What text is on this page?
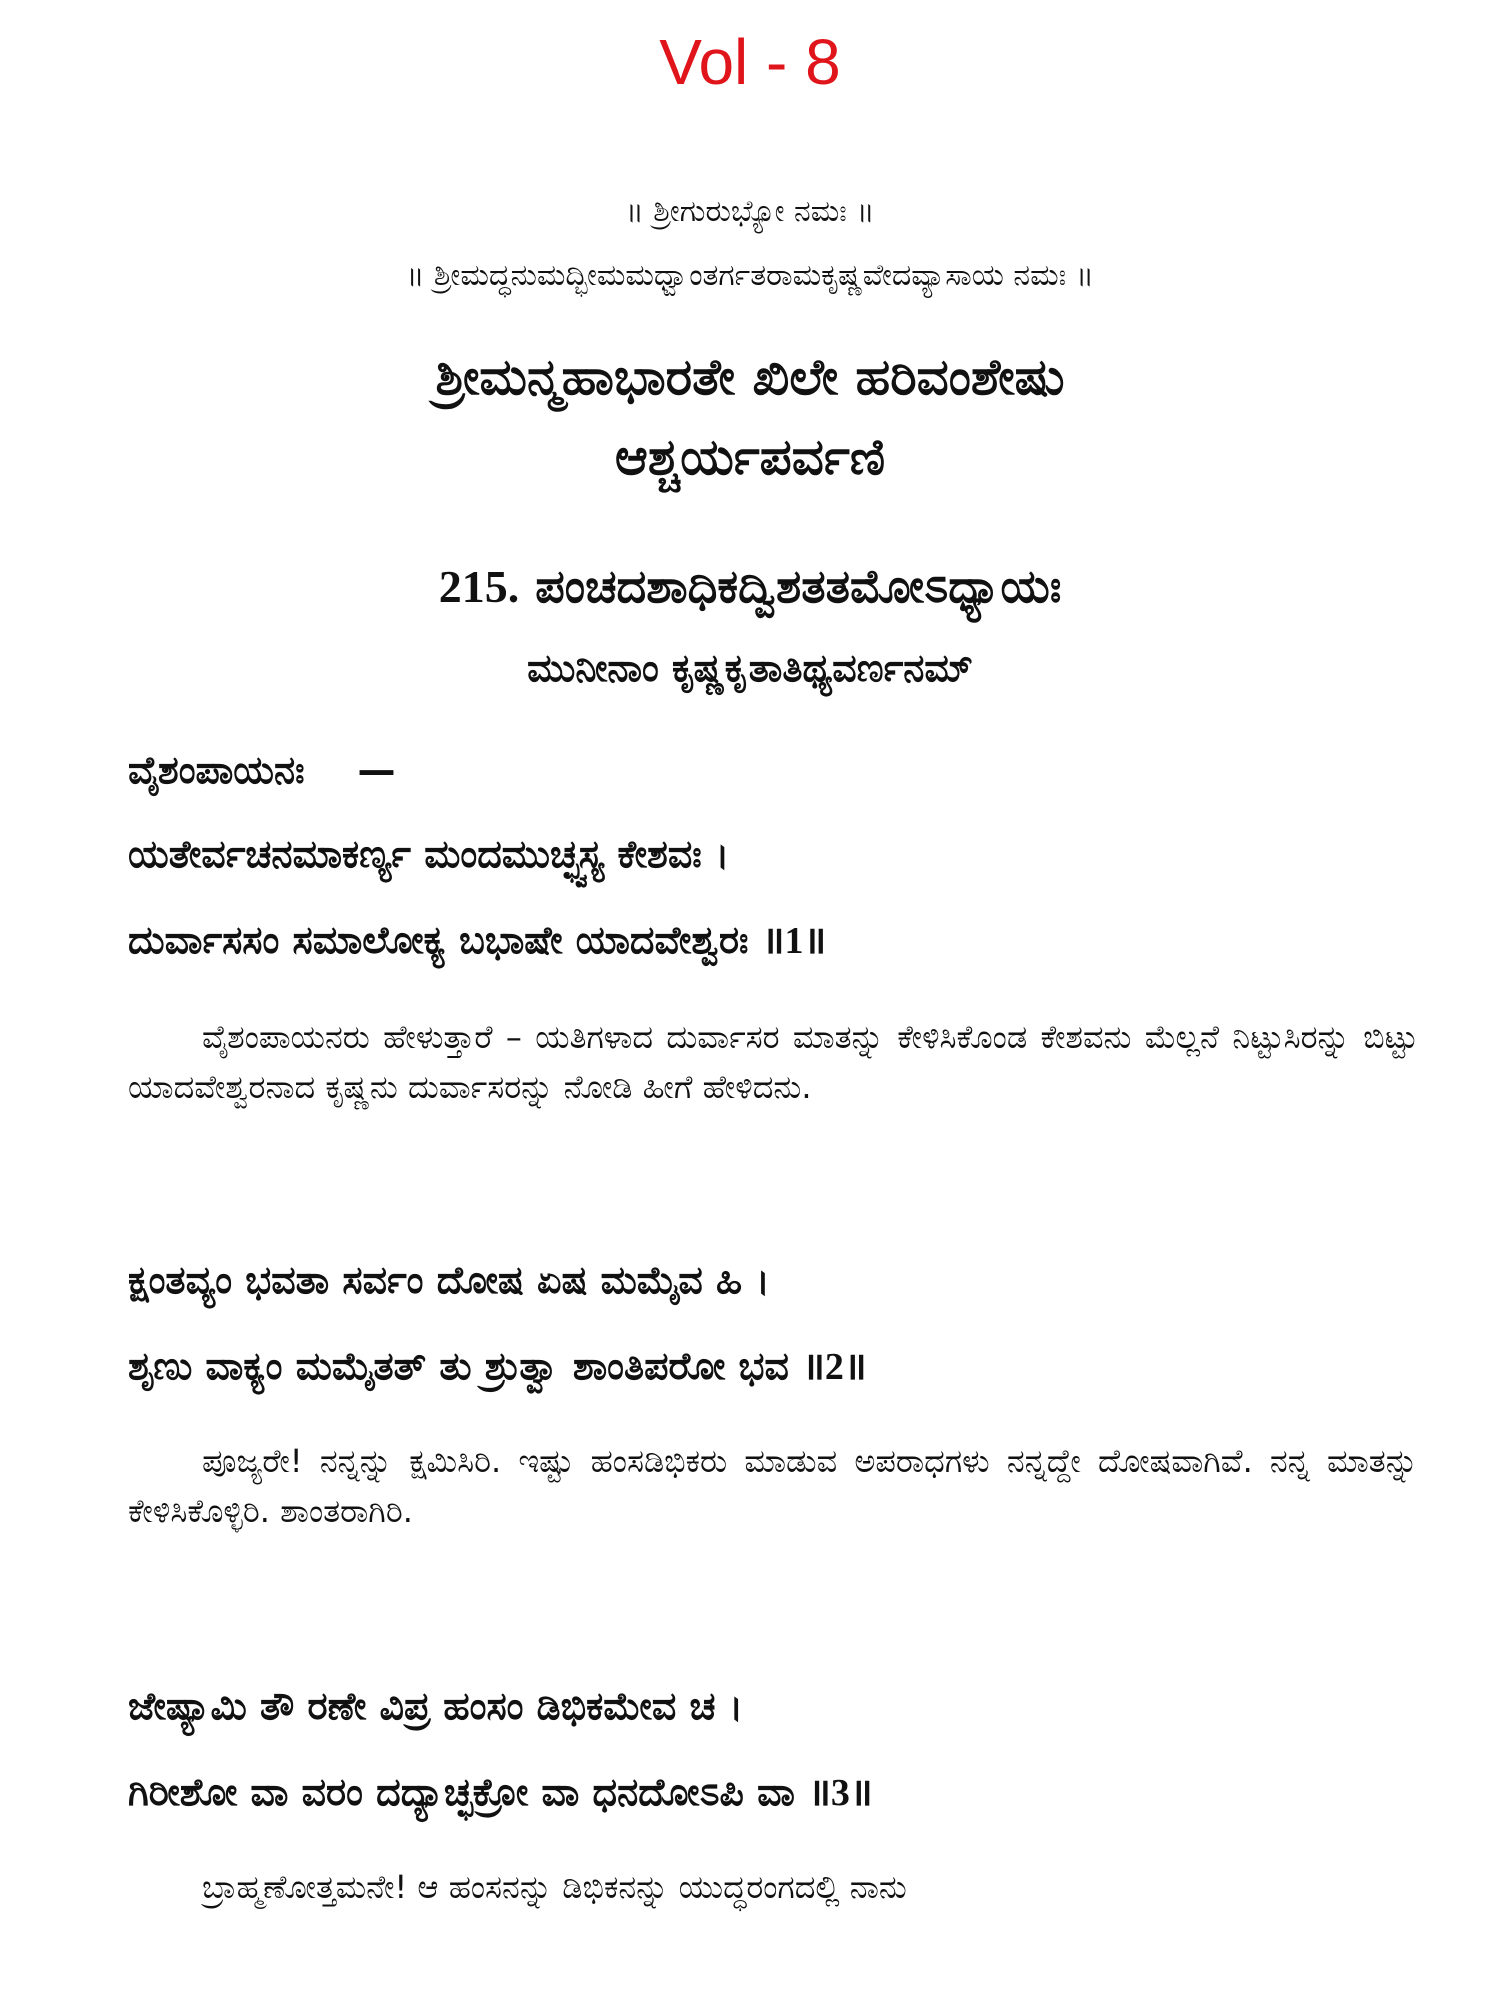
Vol - 8
॥ ಶ್ರೀಗುರುಭ್ಯೋ ನಮಃ ॥
॥ ಶ್ರೀಮದ್ಧನುಮದ್ಭೀಮಮಧ್ವಾಂತರ್ಗತರಾಮಕೃಷ್ಣವೇದವ್ಯಾಸಾಯ ನಮಃ ॥
ಶ್ರೀಮನ್ಮಹಾಭಾರತೇ ಖಿಲೇ ಹರಿವಂಶೇಷು
ಆಶ್ಚರ್ಯಪರ್ವಣಿ
215. ಪಂಚದಶಾಧಿಕದ್ವಿಶತತಮೋಽಧ್ಯಾಯಃ
ಮುನೀನಾಂ ಕೃಷ್ಣಕೃತಾತಿಥ್ಯವರ್ಣನಮ್
ವೈಶಂಪಾಯನಃ    —
ಯತೇರ್ವಚನಮಾಕರ್ಣ್ಯ ಮಂದಮುಚ್ಛ್ವಸ್ಯ ಕೇಶವಃ ।
ದುರ್ವಾಸಸಂ ಸಮಾಲೋಕ್ಯ ಬಭಾಷೇ ಯಾದವೇಶ್ವರಃ ॥1॥

ವೈಶಂಪಾಯನರು ಹೇಳುತ್ತಾರೆ – ಯತಿಗಳಾದ ದುರ್ವಾಸರ ಮಾತನ್ನು ಕೇಳಿಸಿಕೊಂಡ ಕೇಶವನು ಮೆಲ್ಲನೆ ನಿಟ್ಟುಸಿರನ್ನು ಬಿಟ್ಟು ಯಾದವೇಶ್ವರನಾದ ಕೃಷ್ಣನು ದುರ್ವಾಸರನ್ನು ನೋಡಿ ಹೀಗೆ ಹೇಳಿದನು.

ಕ್ಷಂತವ್ಯಂ ಭವತಾ ಸರ್ವಂ ದೋಷ ಏಷ ಮಮೈವ ಹಿ ।
ಶೃಣು ವಾಕ್ಯಂ ಮಮೈತತ್ ತು ಶ್ರುತ್ವಾ ಶಾಂತಿಪರೋ ಭವ ॥2॥

ಪೂಜ್ಯರೇ! ನನ್ನನ್ನು ಕ್ಷಮಿಸಿರಿ. ಇಷ್ಟು ಹಂಸಡಿಭಿಕರು ಮಾಡುವ ಅಪರಾಧಗಳು ನನ್ನದ್ದೇ ದೋಷವಾಗಿವೆ. ನನ್ನ ಮಾತನ್ನು ಕೇಳಿಸಿಕೊಳ್ಳಿರಿ. ಶಾಂತರಾಗಿರಿ.

ಜೇಷ್ಯಾಮಿ ತೌ ರಣೇ ವಿಪ್ರ ಹಂಸಂ ಡಿಭಿಕಮೇವ ಚ ।
ಗಿರೀಶೋ ವಾ ವರಂ ದದ್ಯಾಚ್ಛಕ್ರೋ ವಾ ಧನದೋಽಪಿ ವಾ ॥3॥

ಬ್ರಾಹ್ಮಣೋತ್ತಮನೇ! ಆ ಹಂಸನನ್ನು ಡಿಭಿಕನನ್ನು ಯುದ್ಧರಂಗದಲ್ಲಿ ನಾನು
